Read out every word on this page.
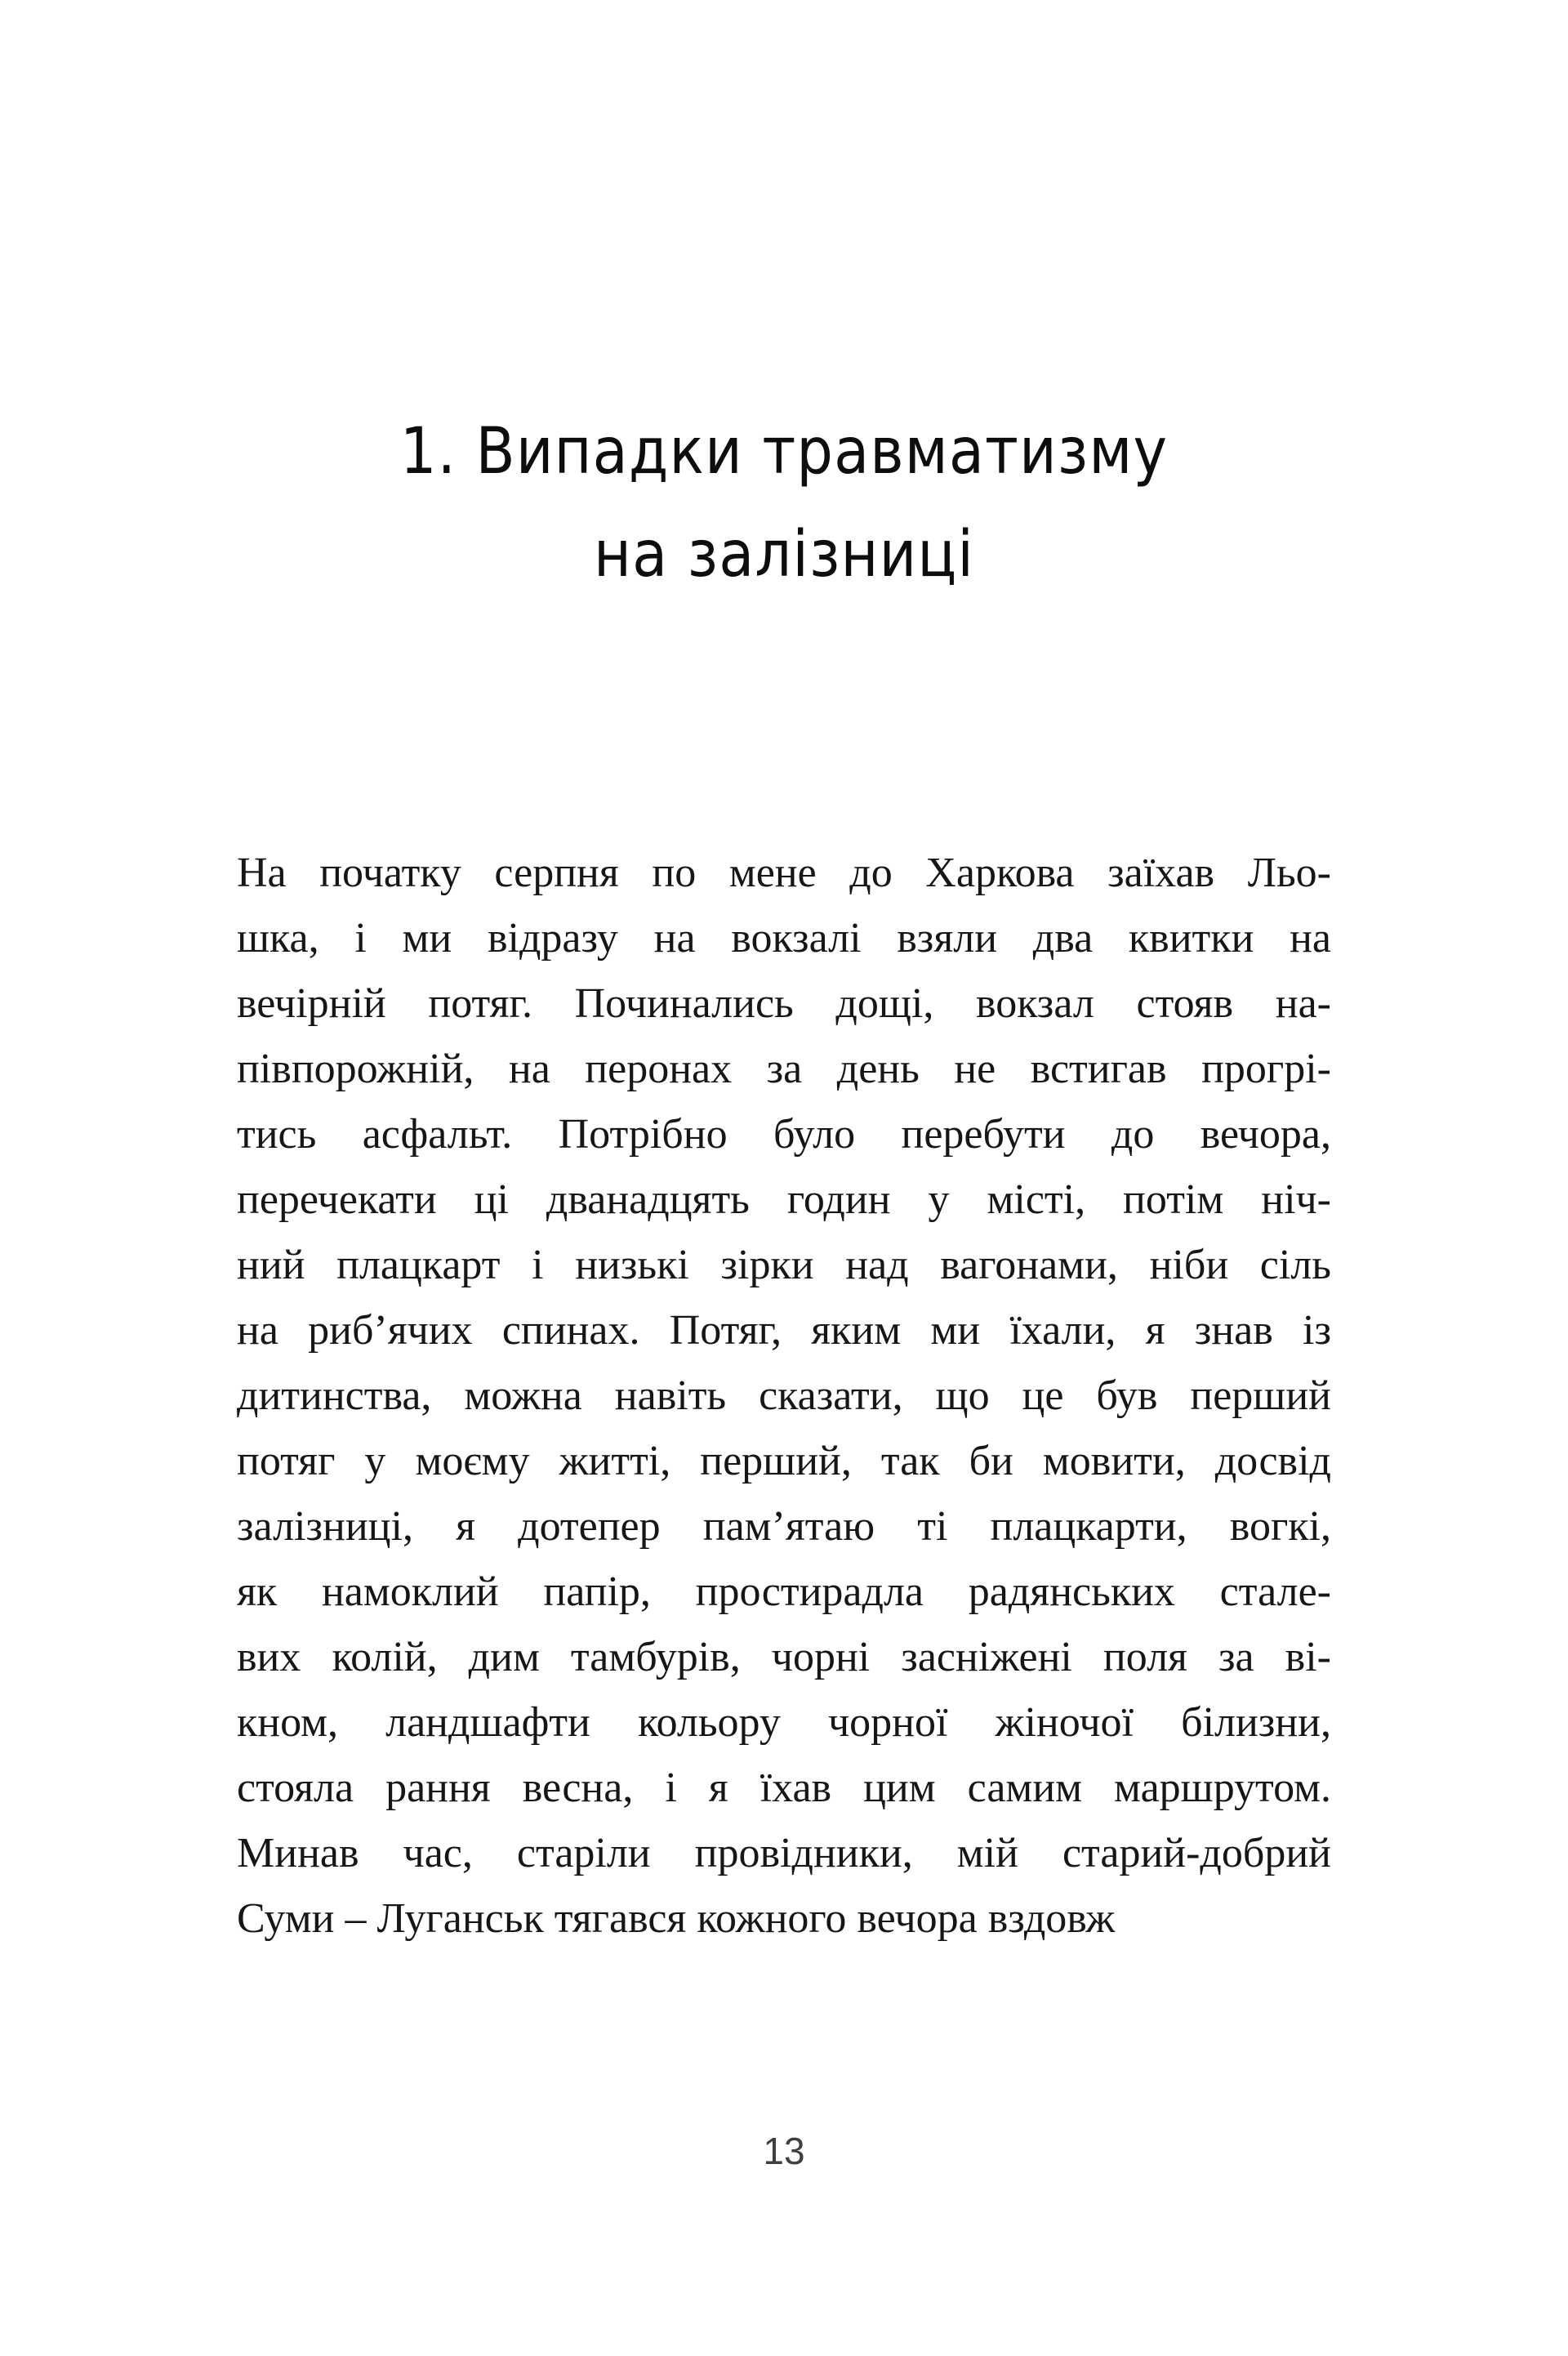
1. Випадки травматизму
на залізниці
На початку серпня по мене до Харкова заїхав Льо-
шка, і ми відразу на вокзалі взяли два квитки на
вечірній потяг. Починались дощі, вокзал стояв на-
півпорожній, на перонах за день не встигав прогрі-
тись асфальт. Потрібно було перебути до вечора,
перечекати ці дванадцять годин у місті, потім ніч-
ний плацкарт і низькі зірки над вагонами, ніби сіль
на риб’ячих спинах. Потяг, яким ми їхали, я знав із
дитинства, можна навіть сказати, що це був перший
потяг у моєму житті, перший, так би мовити, досвід
залізниці, я дотепер пам’ятаю ті плацкарти, вогкі,
як намоклий папір, простирадла радянських стале-
вих колій, дим тамбурів, чорні засніжені поля за ві-
кном, ландшафти кольору чорної жіночої білизни,
стояла рання весна, і я їхав цим самим маршрутом.
Минав час, старіли провідники, мій старий-добрий
Суми – Луганськ тягався кожного вечора вздовж
13
